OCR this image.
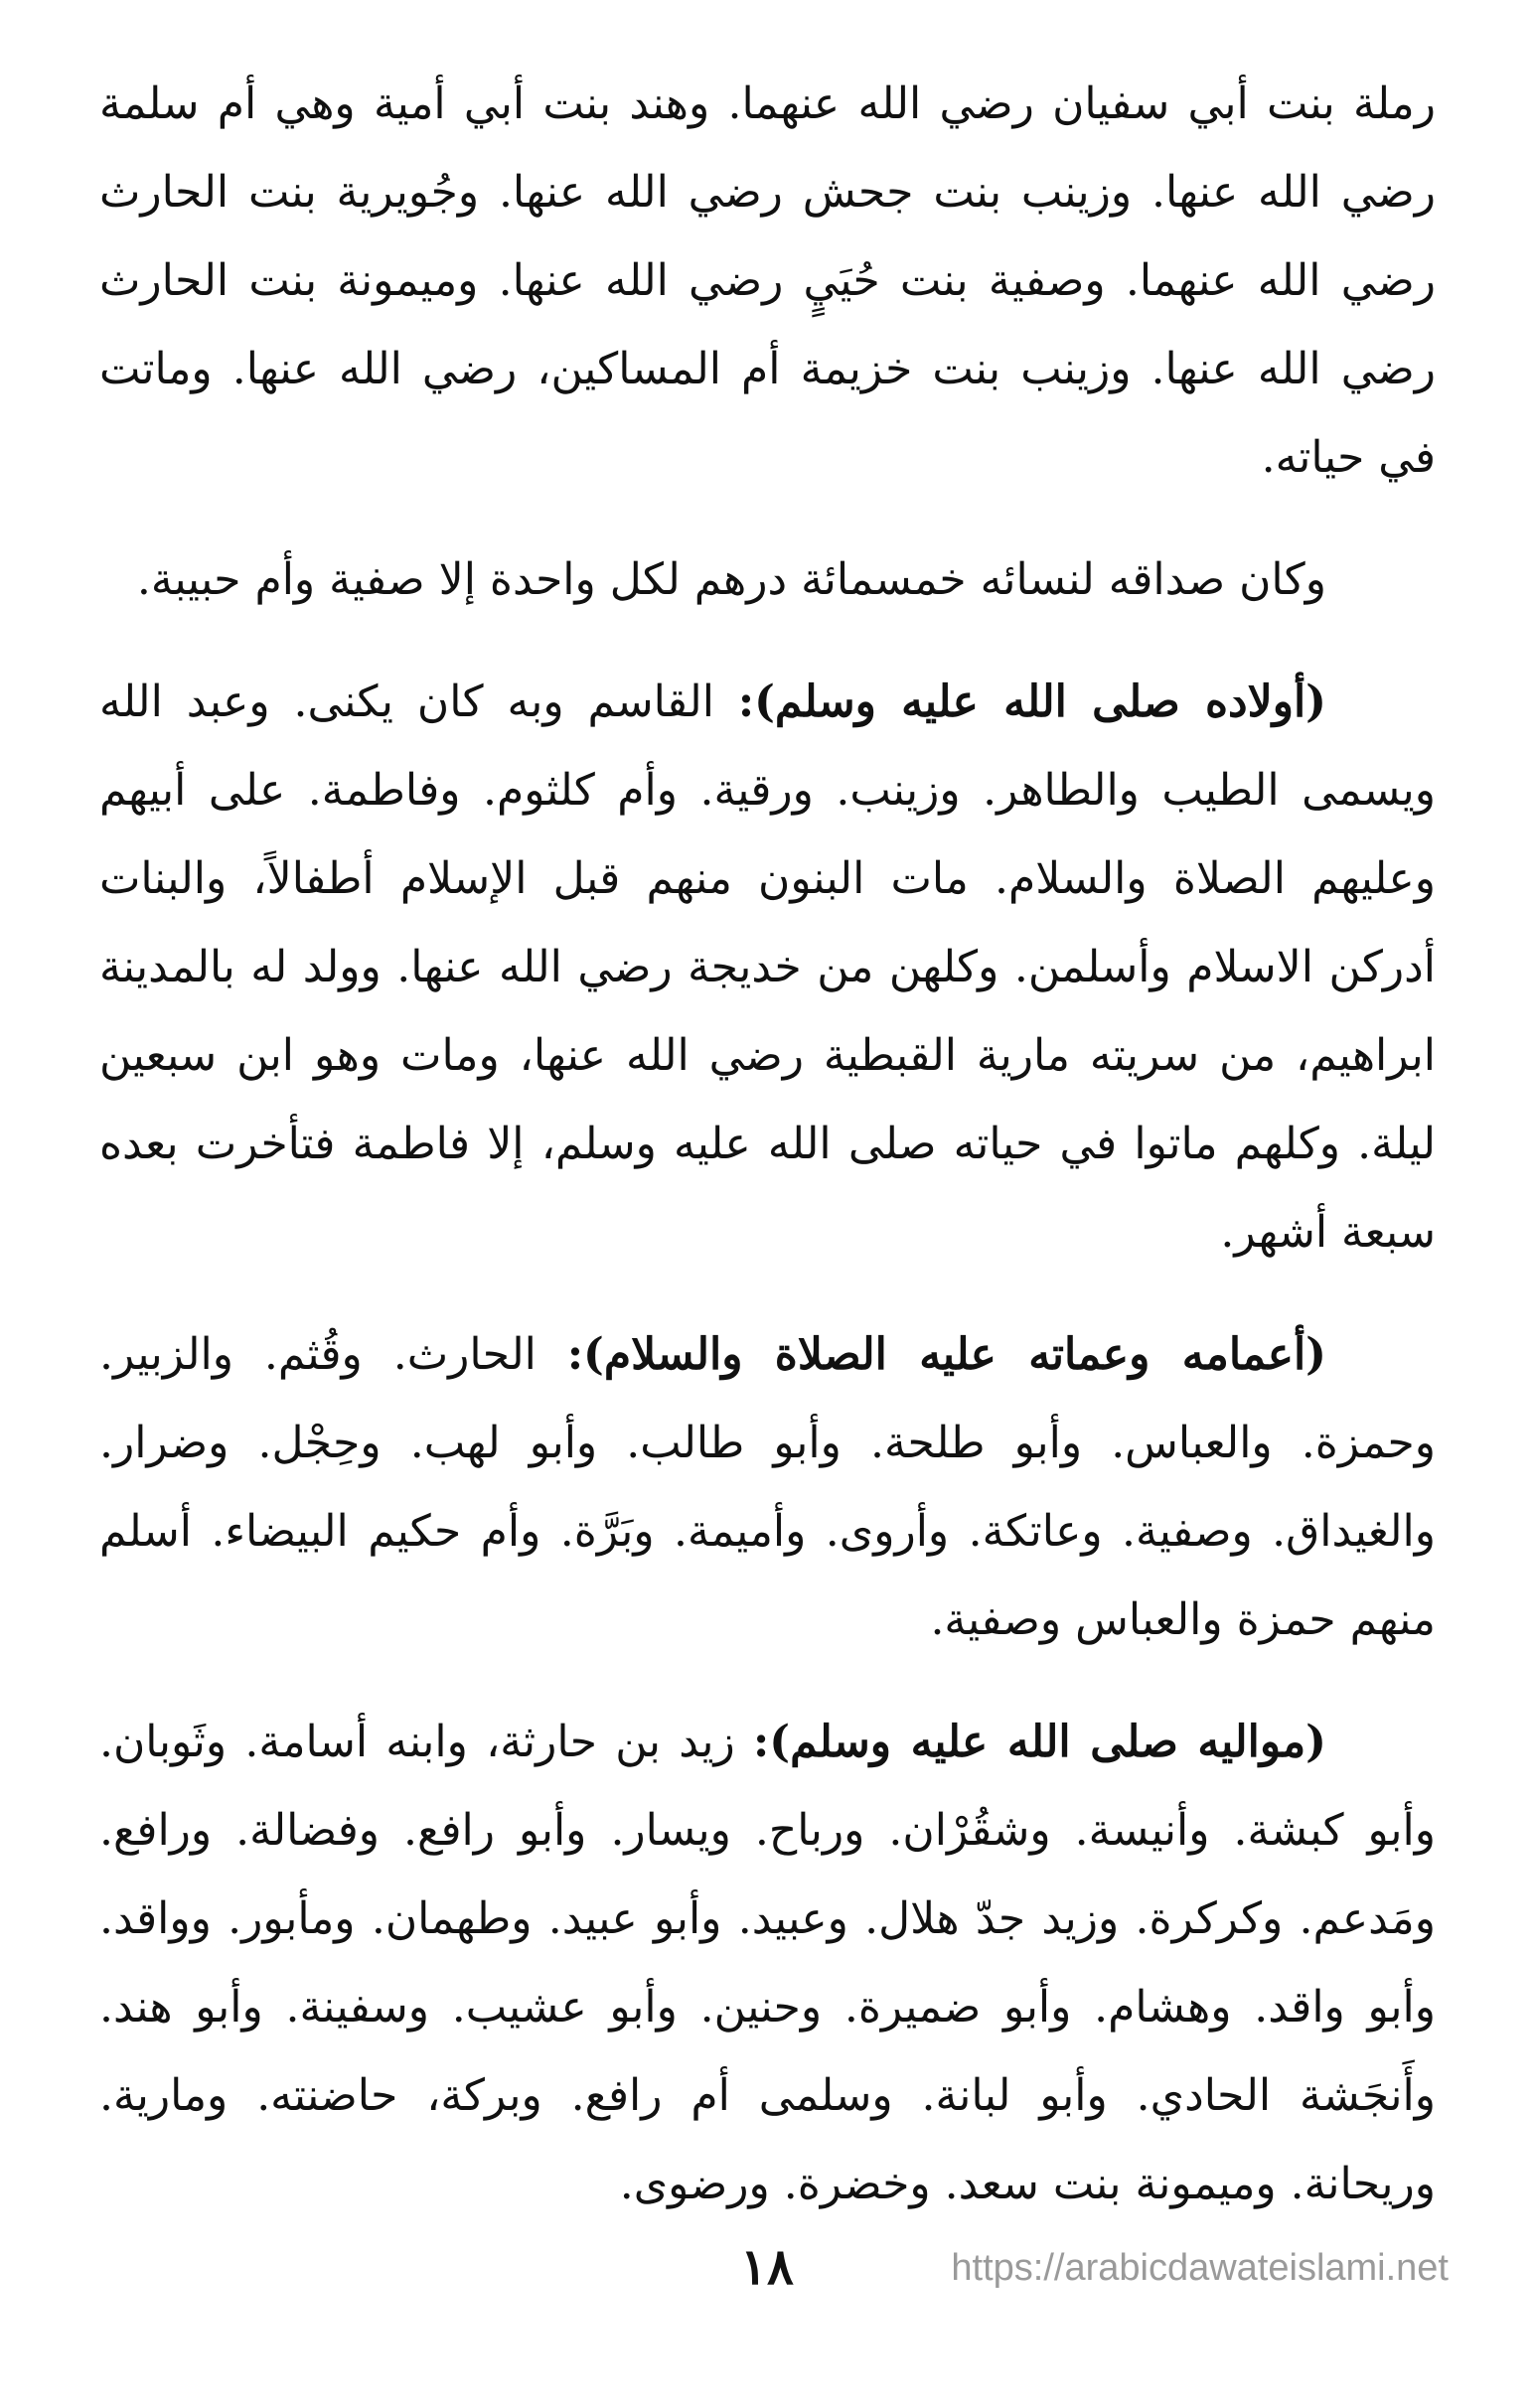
رملة بنت أبي سفيان رضي الله عنهما. وهند بنت أبي أمية وهي أم سلمة رضي الله عنها. وزينب بنت جحش رضي الله عنها. وجُويرية بنت الحارث رضي الله عنهما. وصفية بنت حُيَيٍ رضي الله عنها. وميمونة بنت الحارث رضي الله عنها. وزينب بنت خزيمة أم المساكين، رضي الله عنها. وماتت في حياته.

وكان صداقه لنسائه خمسمائة درهم لكل واحدة إلا صفية وأم حبيبة.

(أولاده صلى الله عليه وسلم): القاسم وبه كان يكنى. وعبد الله ويسمى الطيب والطاهر. وزينب. ورقية. وأم كلثوم. وفاطمة. على أبيهم وعليهم الصلاة والسلام. مات البنون منهم قبل الإسلام أطفالاً، والبنات أدركن الاسلام وأسلمن. وكلهن من خديجة رضي الله عنها. وولد له بالمدينة ابراهيم، من سريته مارية القبطية رضي الله عنها، ومات وهو ابن سبعين ليلة. وكلهم ماتوا في حياته صلى الله عليه وسلم، إلا فاطمة فتأخرت بعده سبعة أشهر.

(أعمامه وعماته عليه الصلاة والسلام): الحارث. وقُثم. والزبير. وحمزة. والعباس. وأبو طلحة. وأبو طالب. وأبو لهب. وحِجْل. وضرار. والغيداق. وصفية. وعاتكة. وأروى. وأميمة. وبَرَّة. وأم حكيم البيضاء. أسلم منهم حمزة والعباس وصفية.

(مواليه صلى الله عليه وسلم): زيد بن حارثة، وابنه أسامة. وثَوبان. وأبو كبشة. وأنيسة. وشقُرْان. ورباح. ويسار. وأبو رافع. وفضالة. ورافع. ومَدعم. وكركرة. وزيد جدّ هلال. وعبيد. وأبو عبيد. وطهمان. ومأبور. وواقد. وأبو واقد. وهشام. وأبو ضميرة. وحنين. وأبو عشيب. وسفينة. وأبو هند. وأَنجَشة الحادي. وأبو لبانة. وسلمى أم رافع. وبركة، حاضنته. ومارية. وريحانة. وميمونة بنت سعد. وخضرة. ورضوى.

١٨	https://arabicdawateislami.net
